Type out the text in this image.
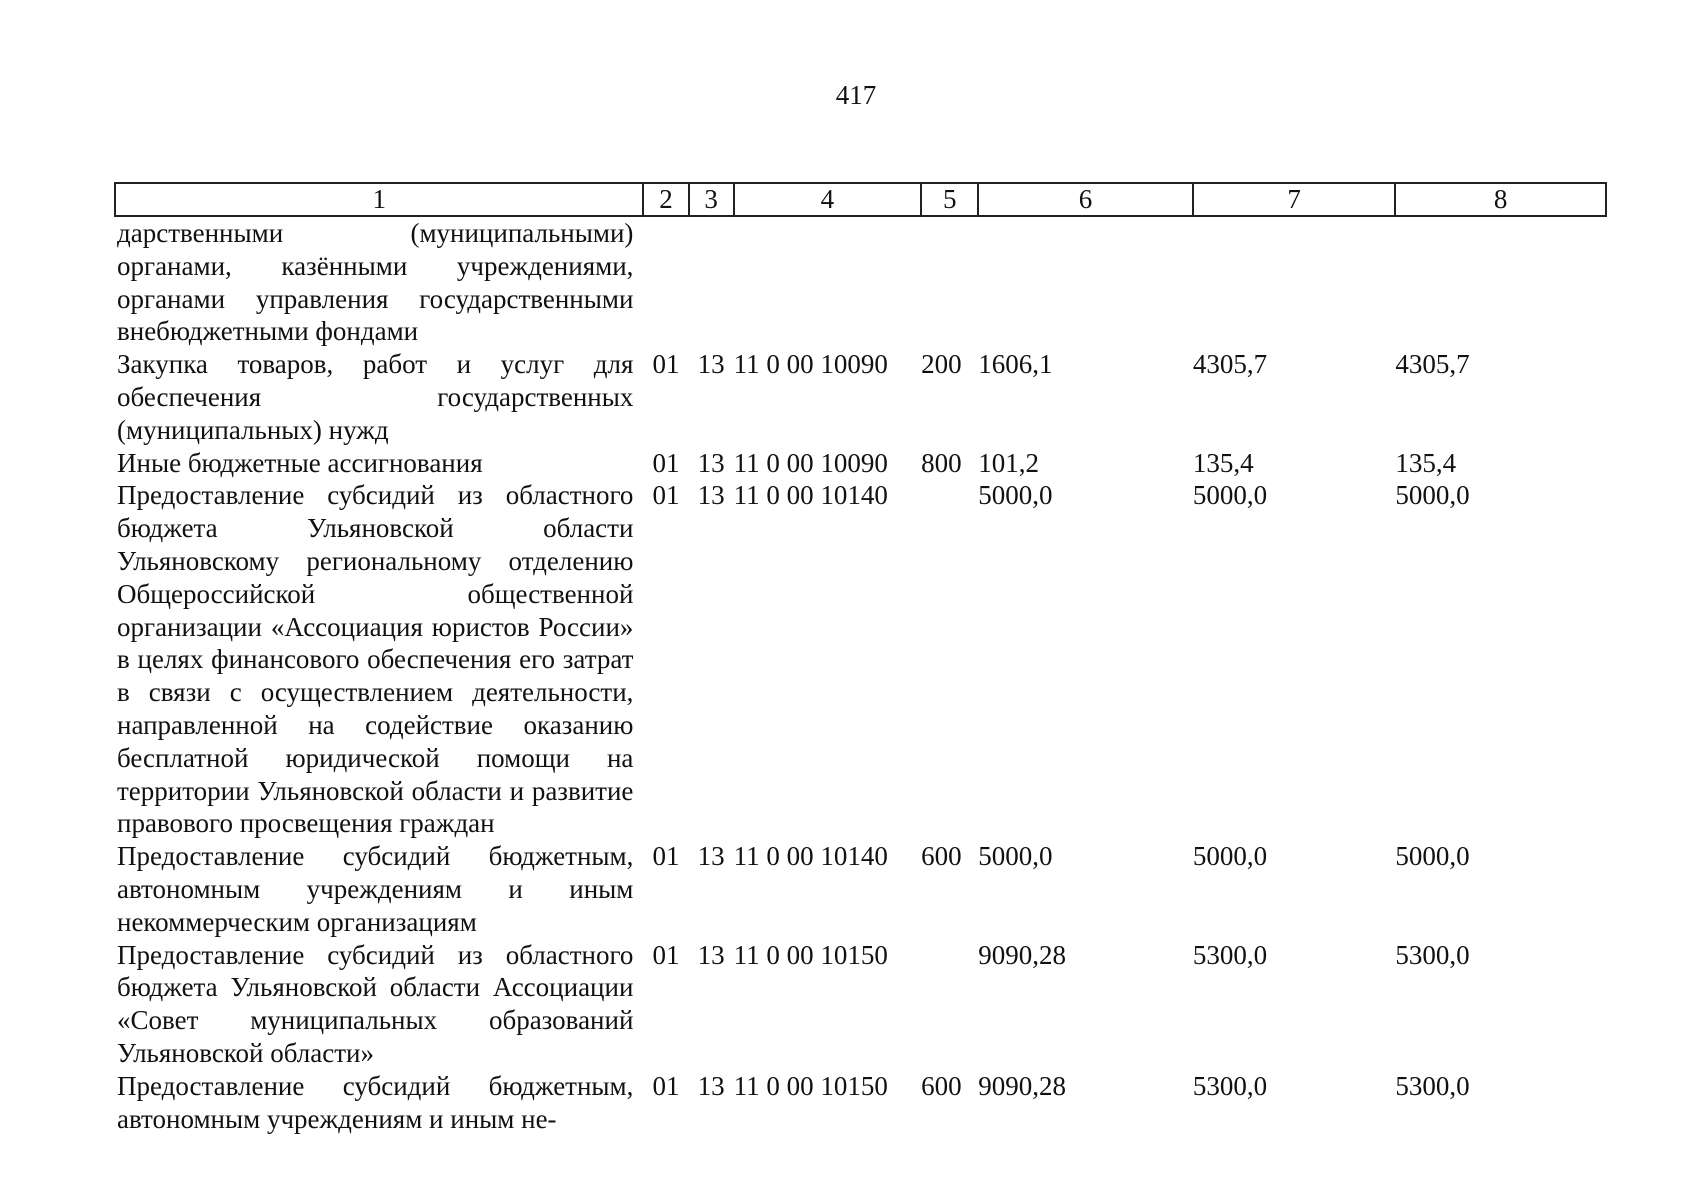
417
1	2	3	4	5	6	7	8
дарственными (муниципальными) органами, казёнными учреждениями, органами управления государственными внебюджетными фондами							
Закупка товаров, работ и услуг для обеспечения государственных (муниципальных) нужд	01	13	11 0 00 10090	200	1606,1	4305,7	4305,7
Иные бюджетные ассигнования	01	13	11 0 00 10090	800	101,2	135,4	135,4
Предоставление субсидий из областного бюджета Ульяновской области Ульяновскому региональному отделению Общероссийской общественной организации «Ассоциация юристов России» в целях финансового обеспечения его затрат в связи с осуществлением деятельности, направленной на содействие оказанию бесплатной юридической помощи на территории Ульяновской области и развитие правового просвещения граждан	01	13	11 0 00 10140		5000,0	5000,0	5000,0
Предоставление субсидий бюджетным, автономным учреждениям и иным некоммерческим организациям	01	13	11 0 00 10140	600	5000,0	5000,0	5000,0
Предоставление субсидий из областного бюджета Ульяновской области Ассоциации «Совет муниципальных образований Ульяновской области»	01	13	11 0 00 10150		9090,28	5300,0	5300,0
Предоставление субсидий бюджетным, автономным учреждениям и иным не-	01	13	11 0 00 10150	600	9090,28	5300,0	5300,0
